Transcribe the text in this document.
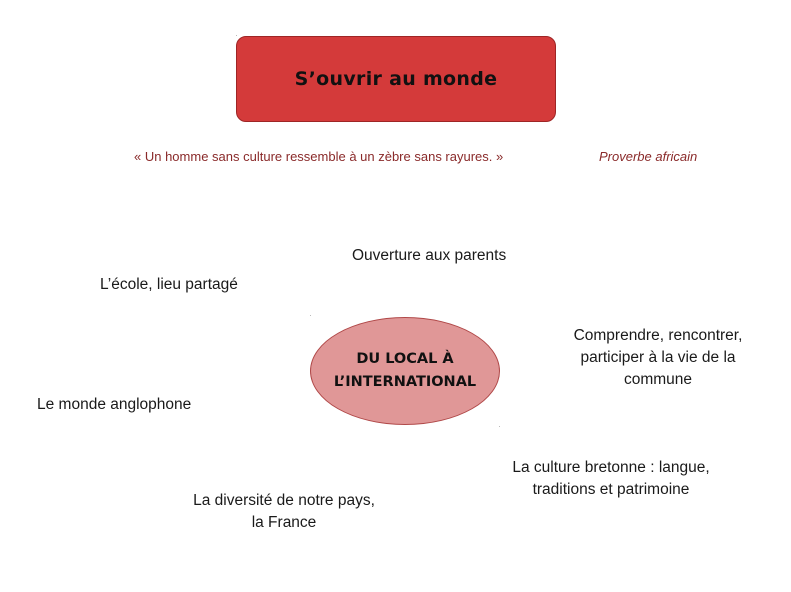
S’ouvrir au monde
« Un homme sans culture ressemble à un zèbre sans rayures. »	Proverbe africain
DU LOCAL À
L’INTERNATIONAL
Ouverture aux parents
L’école, lieu partagé
Comprendre, rencontrer,
participer à la vie de la
commune
Le monde anglophone
La culture bretonne : langue,
traditions et patrimoine
La diversité de notre pays,
la France
